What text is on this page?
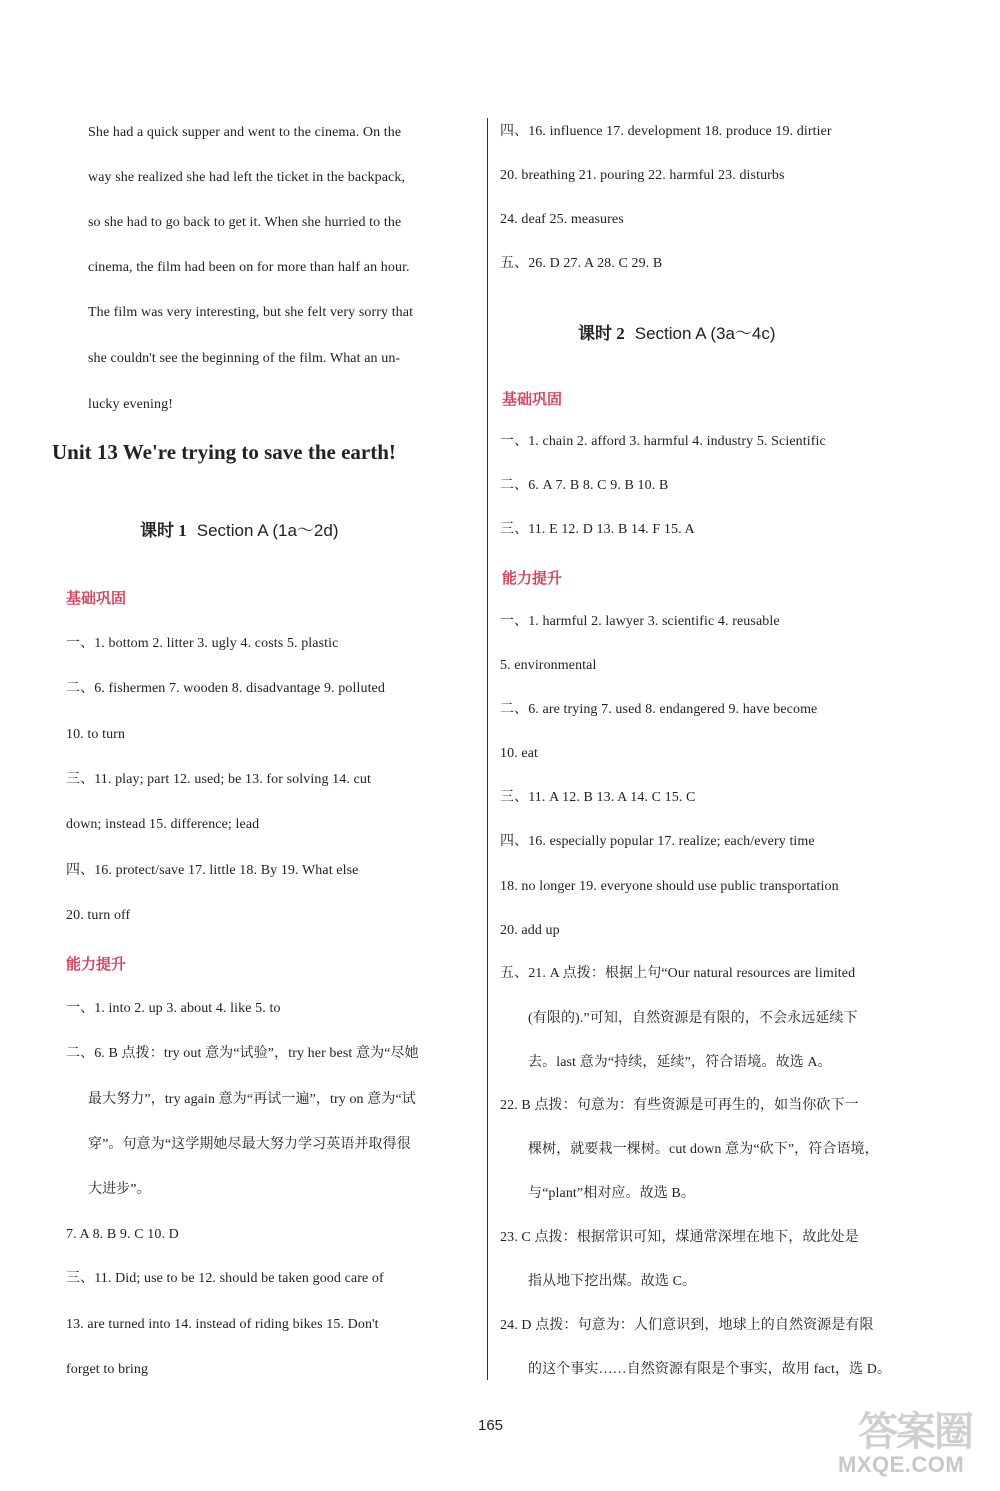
She had a quick supper and went to the cinema. On the
way she realized she had left the ticket in the backpack,
so she had to go back to get it. When she hurried to the
cinema, the film had been on for more than half an hour.
The film was very interesting, but she felt very sorry that
she couldn't see the beginning of the film. What an un-
lucky evening!
Unit 13 We're trying to save the earth!
课时 1 Section A (1a～2d)
基础巩固
一、1. bottom 2. litter 3. ugly 4. costs 5. plastic
二、6. fishermen 7. wooden 8. disadvantage 9. polluted
10. to turn
三、11. play; part 12. used; be 13. for solving 14. cut
down; instead 15. difference; lead
四、16. protect/save 17. little 18. By 19. What else
20. turn off
能力提升
一、1. into 2. up 3. about 4. like 5. to
二、6. B 点拨：try out 意为“试验”，try her best 意为“尽她
最大努力”，try again 意为“再试一遍”，try on 意为“试
穿”。句意为“这学期她尽最大努力学习英语并取得很
大进步”。
7. A 8. B 9. C 10. D
三、11. Did; use to be 12. should be taken good care of
13. are turned into 14. instead of riding bikes 15. Don't
forget to bring
四、16. influence 17. development 18. produce 19. dirtier
20. breathing 21. pouring 22. harmful 23. disturbs
24. deaf 25. measures
五、26. D 27. A 28. C 29. B
课时 2 Section A (3a～4c)
基础巩固
一、1. chain 2. afford 3. harmful 4. industry 5. Scientific
二、6. A 7. B 8. C 9. B 10. B
三、11. E 12. D 13. B 14. F 15. A
能力提升
一、1. harmful 2. lawyer 3. scientific 4. reusable
5. environmental
二、6. are trying 7. used 8. endangered 9. have become
10. eat
三、11. A 12. B 13. A 14. C 15. C
四、16. especially popular 17. realize; each/every time
18. no longer 19. everyone should use public transportation
20. add up
五、21. A 点拨：根据上句“Our natural resources are limited
(有限的).”可知，自然资源是有限的，不会永远延续下
去。last 意为“持续，延续”，符合语境。故选 A。
22. B 点拨：句意为：有些资源是可再生的，如当你砍下一
棵树，就要栽一棵树。cut down 意为“砍下”，符合语境，
与“plant”相对应。故选 B。
23. C 点拨：根据常识可知，煤通常深埋在地下，故此处是
指从地下挖出煤。故选 C。
24. D 点拨：句意为：人们意识到，地球上的自然资源是有限
的这个事实……自然资源有限是个事实，故用 fact，选 D。
165	答案圈
MXQE.COM
